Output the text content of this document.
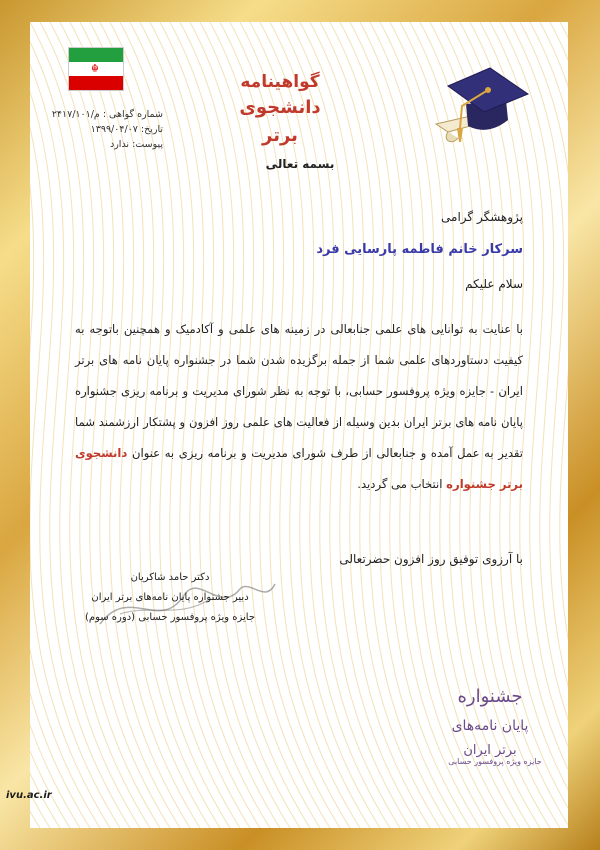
☬
شماره گواهی : م/۲۴۱۷/۱۰۱
تاریخ: ۱۳۹۹/۰۴/۰۷
پیوست: ندارد
گواهینامه
دانشجوی برتر
بسمه تعالی
پژوهشگر گرامی
سرکار خانم فاطمه پارسایی فرد
سلام علیکم
با عنایت به توانایی های علمی جنابعالی در زمینه های علمی و آکادمیک و همچنین باتوجه به کیفیت دستاوردهای علمی شما از جمله برگزیده شدن شما در جشنواره پایان نامه های برتر ایران - جایزه ویژه پروفسور حسابی، با توجه به نظر شورای مدیریت و برنامه ریزی جشنواره پایان نامه های برتر ایران بدین وسیله از فعالیت های علمی روز افزون و پشتکار ارزشمند شما تقدیر به عمل آمده و جنابعالی از طرف شورای مدیریت و برنامه ریزی به عنوان دانشجوی برتر جشنواره انتخاب می گردید.
با آرزوی توفیق روز افزون حضرتعالی
دکتر حامد شاکریان
دبیر جشنواره پایان نامه‌های برتر ایران
جایزه ویژه پروفسور حسابی (دوره سوم)
جشنواره
پایان نامه‌های
برتر ایران
جایزه ویژه پروفسور حسابی
ivu.ac.ir
